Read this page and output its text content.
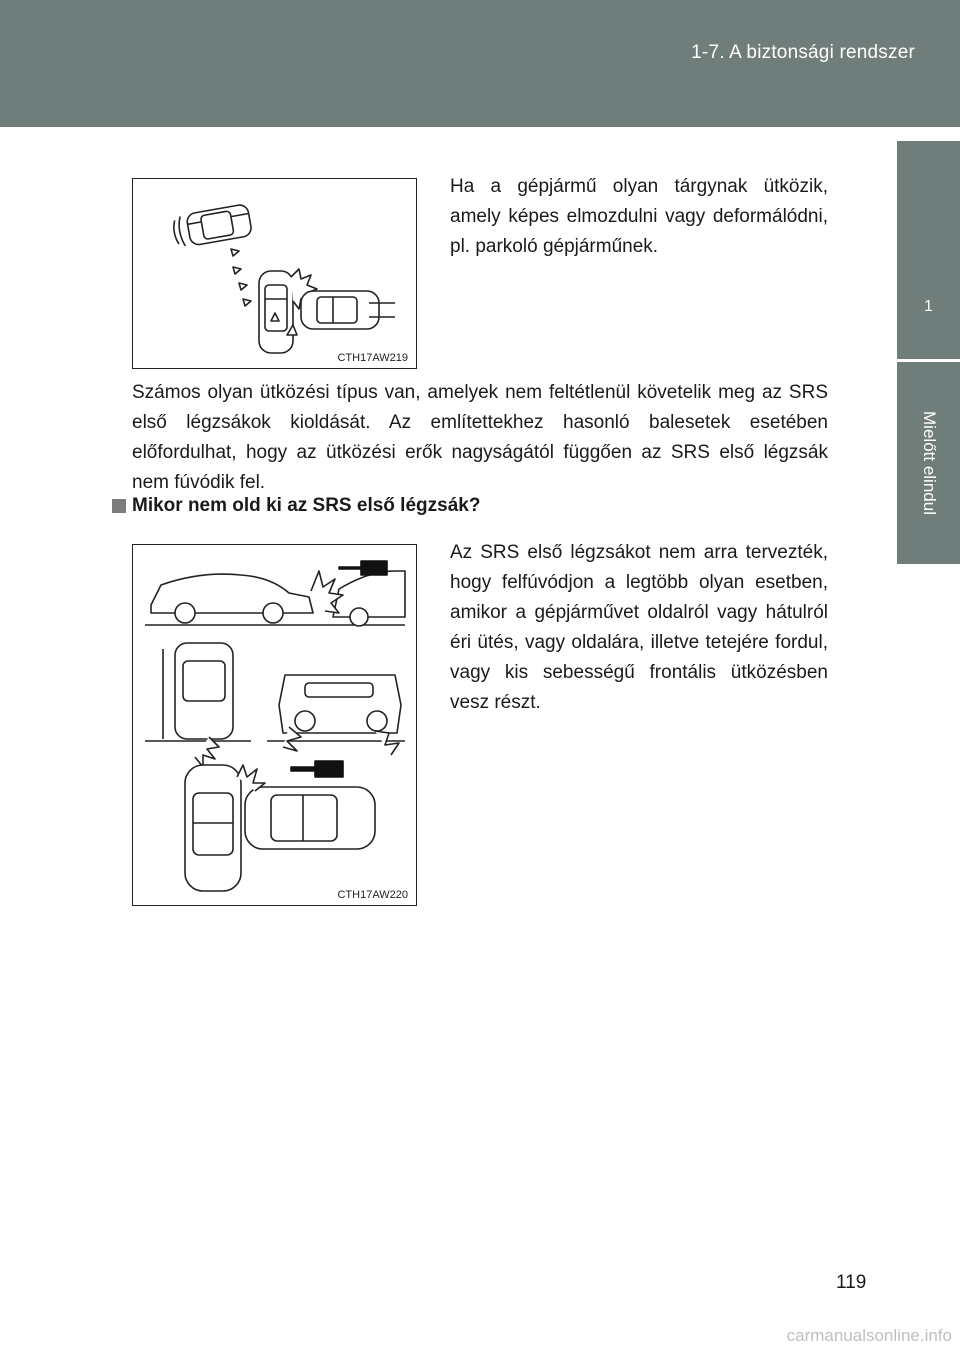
1-7. A biztonsági rendszer
1
Mielőtt elindul
CTH17AW219

Ha a gépjármű olyan tárgynak ütközik, amely képes elmozdulni vagy deformálódni, pl. parkoló gépjárműnek.

Számos olyan ütközési típus van, amelyek nem feltétlenül követelik meg az SRS első légzsákok kioldását. Az említettekhez hasonló balesetek esetében előfordulhat, hogy az ütközési erők nagyságától függően az SRS első légzsák nem fúvódik fel.

Mikor nem old ki az SRS első légzsák?
CTH17AW220

Az SRS első légzsákot nem arra tervezték, hogy felfúvódjon a legtöbb olyan esetben, amikor a gépjárművet oldalról vagy hátulról éri ütés, vagy oldalára, illetve tetejére fordul, vagy kis sebességű frontális ütközésben vesz részt.

119
carmanualsonline.info
